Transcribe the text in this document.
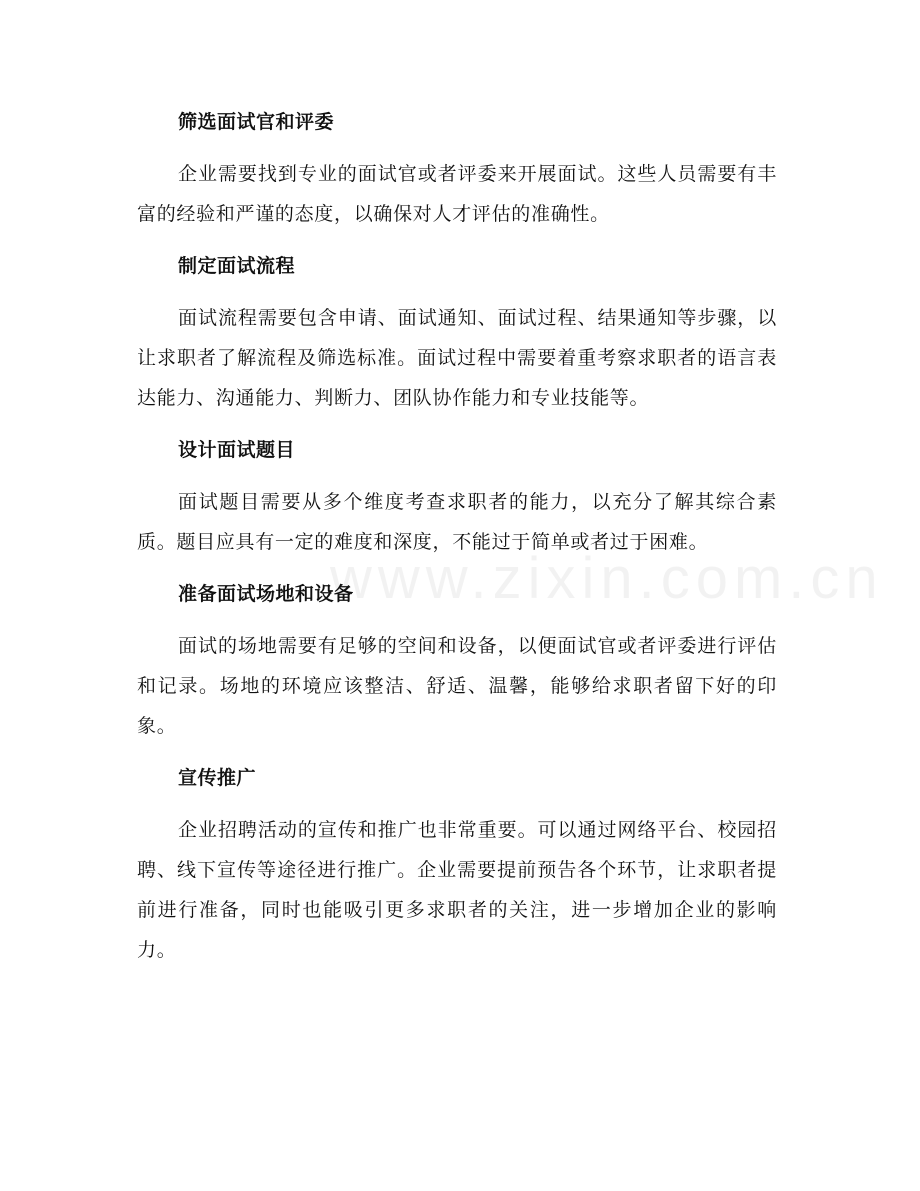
筛选面试官和评委

企业需要找到专业的面试官或者评委来开展面试。这些人员需要有丰富的经验和严谨的态度，以确保对人才评估的准确性。

制定面试流程

面试流程需要包含申请、面试通知、面试过程、结果通知等步骤，以让求职者了解流程及筛选标准。面试过程中需要着重考察求职者的语言表达能力、沟通能力、判断力、团队协作能力和专业技能等。

设计面试题目

面试题目需要从多个维度考查求职者的能力，以充分了解其综合素质。题目应具有一定的难度和深度，不能过于简单或者过于困难。

准备面试场地和设备

面试的场地需要有足够的空间和设备，以便面试官或者评委进行评估和记录。场地的环境应该整洁、舒适、温馨，能够给求职者留下好的印象。

宣传推广

企业招聘活动的宣传和推广也非常重要。可以通过网络平台、校园招聘、线下宣传等途径进行推广。企业需要提前预告各个环节，让求职者提前进行准备，同时也能吸引更多求职者的关注，进一步增加企业的影响力。

www.zixin.com.cn
